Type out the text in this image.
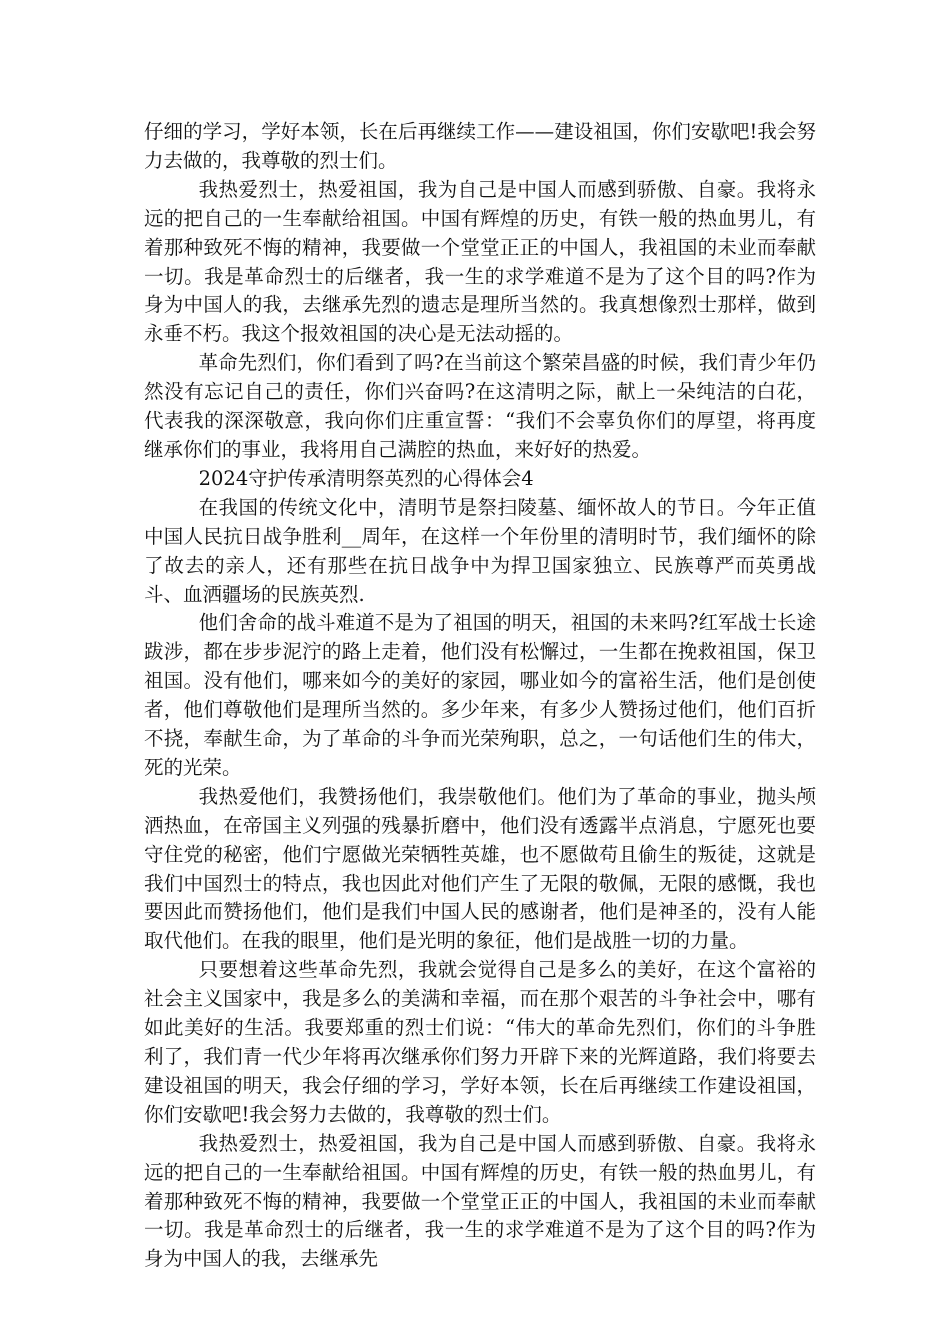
仔细的学习，学好本领，长在后再继续工作——建设祖国，你们安歇吧!我会努力去做的，我尊敬的烈士们。

我热爱烈士，热爱祖国，我为自己是中国人而感到骄傲、自豪。我将永远的把自己的一生奉献给祖国。中国有辉煌的历史，有铁一般的热血男儿，有着那种致死不悔的精神，我要做一个堂堂正正的中国人，我祖国的未业而奉献一切。我是革命烈士的后继者，我一生的求学难道不是为了这个目的吗?作为身为中国人的我，去继承先烈的遗志是理所当然的。我真想像烈士那样，做到永垂不朽。我这个报效祖国的决心是无法动摇的。

革命先烈们，你们看到了吗?在当前这个繁荣昌盛的时候，我们青少年仍然没有忘记自己的责任，你们兴奋吗?在这清明之际，献上一朵纯洁的白花，代表我的深深敬意，我向你们庄重宣誓：“我们不会辜负你们的厚望，将再度继承你们的事业，我将用自己满腔的热血，来好好的热爱。

2024守护传承清明祭英烈的心得体会4

在我国的传统文化中，清明节是祭扫陵墓、缅怀故人的节日。今年正值中国人民抗日战争胜利__周年，在这样一个年份里的清明时节，我们缅怀的除了故去的亲人，还有那些在抗日战争中为捍卫国家独立、民族尊严而英勇战斗、血洒疆场的民族英烈.

他们舍命的战斗难道不是为了祖国的明天，祖国的未来吗?红军战士长途跋涉，都在步步泥泞的路上走着，他们没有松懈过，一生都在挽救祖国，保卫祖国。没有他们，哪来如今的美好的家园，哪业如今的富裕生活，他们是创使者，他们尊敬他们是理所当然的。多少年来，有多少人赞扬过他们，他们百折不挠，奉献生命，为了革命的斗争而光荣殉职，总之，一句话他们生的伟大，死的光荣。

我热爱他们，我赞扬他们，我崇敬他们。他们为了革命的事业，抛头颅洒热血，在帝国主义列强的残暴折磨中，他们没有透露半点消息，宁愿死也要守住党的秘密，他们宁愿做光荣牺牲英雄，也不愿做苟且偷生的叛徒，这就是我们中国烈士的特点，我也因此对他们产生了无限的敬佩，无限的感慨，我也要因此而赞扬他们，他们是我们中国人民的感谢者，他们是神圣的，没有人能取代他们。在我的眼里，他们是光明的象征，他们是战胜一切的力量。

只要想着这些革命先烈，我就会觉得自己是多么的美好，在这个富裕的社会主义国家中，我是多么的美满和幸福，而在那个艰苦的斗争社会中，哪有如此美好的生活。我要郑重的烈士们说：“伟大的革命先烈们，你们的斗争胜利了，我们青一代少年将再次继承你们努力开辟下来的光辉道路，我们将要去建设祖国的明天，我会仔细的学习，学好本领，长在后再继续工作建设祖国，你们安歇吧!我会努力去做的，我尊敬的烈士们。

我热爱烈士，热爱祖国，我为自己是中国人而感到骄傲、自豪。我将永远的把自己的一生奉献给祖国。中国有辉煌的历史，有铁一般的热血男儿，有着那种致死不悔的精神，我要做一个堂堂正正的中国人，我祖国的未业而奉献一切。我是革命烈士的后继者，我一生的求学难道不是为了这个目的吗?作为身为中国人的我，去继承先
